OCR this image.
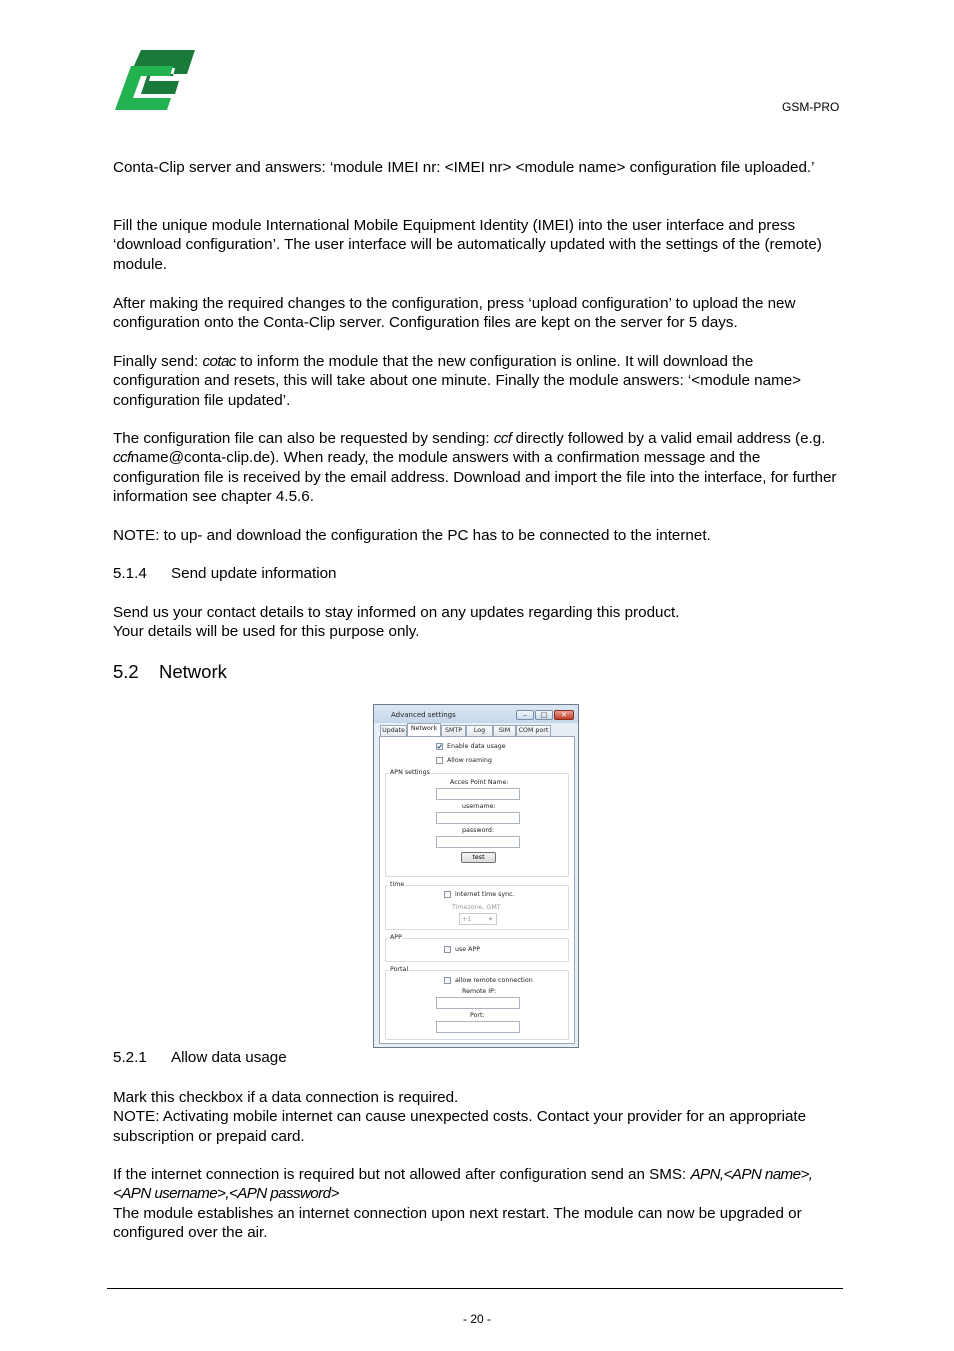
GSM-PRO

Conta-Clip server and answers: ‘module IMEI nr: <IMEI nr> <module name> configuration file uploaded.’

Fill the unique module International Mobile Equipment Identity (IMEI) into the user interface and press ‘download configuration’. The user interface will be automatically updated with the settings of the (remote) module.

After making the required changes to the configuration, press ‘upload configuration’ to upload the new configuration onto the Conta-Clip server. Configuration files are kept on the server for 5 days.

Finally send: cotac to inform the module that the new configuration is online. It will download the configuration and resets, this will take about one minute. Finally the module answers: ‘<module name> configuration file updated’.

The configuration file can also be requested by sending: ccf directly followed by a valid email address (e.g. ccfname@conta-clip.de). When ready, the module answers with a confirmation message and the configuration file is received by the email address. Download and import the file into the interface, for further information see chapter 4.5.6.

NOTE: to up- and download the configuration the PC has to be connected to the internet.

5.1.4 Send update information

Send us your contact details to stay informed on any updates regarding this product.
Your details will be used for this purpose only.

5.2 Network
Advanced settings	–	□	✕
Update Network	SMTP	Log	SIM	COM port
Enable data usage
Allow roaming
APN settings
Acces Point Name:
username:
password:
test
time
internet time sync.
Timezone, GMT
+1	▾
APP
use APP
Portal
allow remote connection
Remote IP:
Port:
5.2.1 Allow data usage

Mark this checkbox if a data connection is required.
NOTE: Activating mobile internet can cause unexpected costs. Contact your provider for an appropriate subscription or prepaid card.

If the internet connection is required but not allowed after configuration send an SMS: APN,<APN name>,<APN username>,<APN password>
The module establishes an internet connection upon next restart. The module can now be upgraded or configured over the air.

- 20 -
